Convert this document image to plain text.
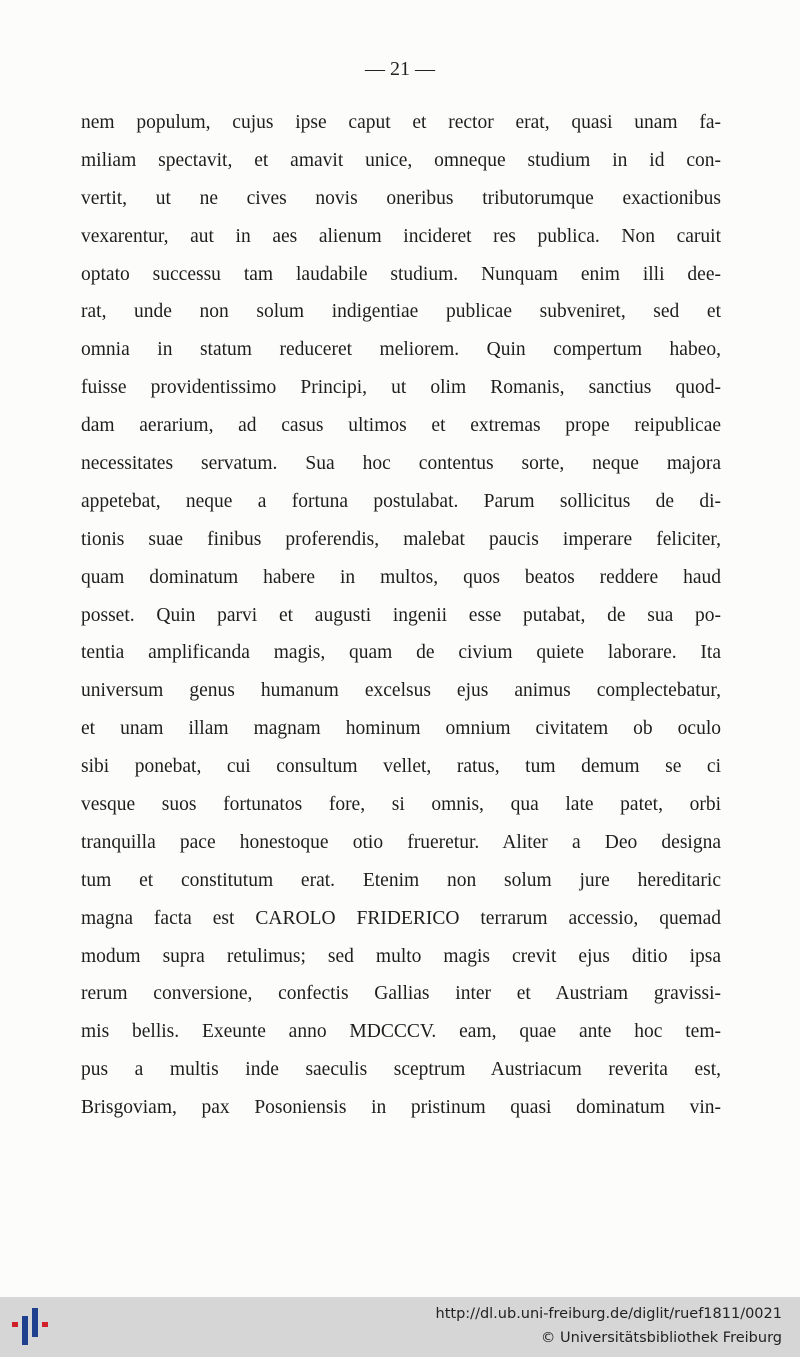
— 21 —
nem populum, cujus ipse caput et rector erat, quasi unam fa-
miliam spectavit, et amavit unice, omneque studium in id con-
vertit, ut ne cives novis oneribus tributorumque exactionibus
vexarentur, aut in aes alienum incideret res publica. Non caruit
optato successu tam laudabile studium. Nunquam enim illi dee-
rat, unde non solum indigentiae publicae subveniret, sed et
omnia in statum reduceret meliorem. Quin compertum habeo,
fuisse providentissimo Principi, ut olim Romanis, sanctius quod-
dam aerarium, ad casus ultimos et extremas prope reipublicae
necessitates servatum. Sua hoc contentus sorte, neque majora
appetebat, neque a fortuna postulabat. Parum sollicitus de di-
tionis suae finibus proferendis, malebat paucis imperare feliciter,
quam dominatum habere in multos, quos beatos reddere haud
posset. Quin parvi et augusti ingenii esse putabat, de sua po-
tentia amplificanda magis, quam de civium quiete laborare. Ita
universum genus humanum excelsus ejus animus complectebatur,
et unam illam magnam hominum omnium civitatem ob oculo
sibi ponebat, cui consultum vellet, ratus, tum demum se ci
vesque suos fortunatos fore, si omnis, qua late patet, orbi
tranquilla pace honestoque otio frueretur. Aliter a Deo designa
tum et constitutum erat. Etenim non solum jure hereditaric
magna facta est CAROLO FRIDERICO terrarum accessio, quemad
modum supra retulimus; sed multo magis crevit ejus ditio ipsa
rerum conversione, confectis Gallias inter et Austriam gravissi-
mis bellis. Exeunte anno MDCCCV. eam, quae ante hoc tem-
pus a multis inde saeculis sceptrum Austriacum reverita est,
Brisgoviam, pax Posoniensis in pristinum quasi dominatum vin-
http://dl.ub.uni-freiburg.de/diglit/ruef1811/0021
© Universitätsbibliothek Freiburg
